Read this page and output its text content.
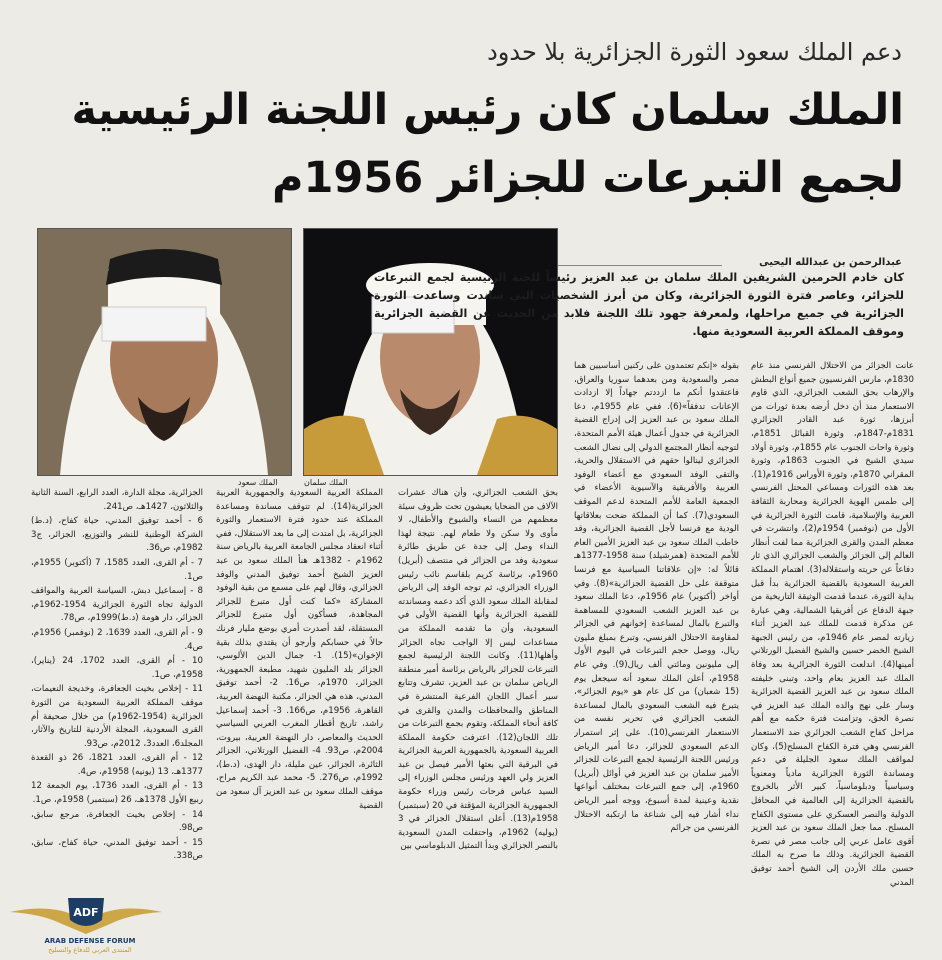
دعم الملك سعود الثورة الجزائرية بلا حدود
الملك سلمان كان رئيس اللجنة الرئيسية
لجمع التبرعات للجزائر 1956م
عبدالرحمن بن عبدالله اليحيى
الملك سلمان
الملك سعود
كان خادم الحرمين الشريفين الملك سلمان بن عبد العزيز رئيساً للجنة الرئيسية لجمع التبرعات للجزائر، وعاصر فترة الثورة الجزائرية، وكان من أبرز الشخصيات التي ساندت وساعدت الثورة الجزائرية في جميع مراحلها، ولمعرفة جهود تلك اللجنة فلابد من الحديث عن القضية الجزائرية وموقف المملكة العربية السعودية منها.

عانت الجزائر من الاحتلال الفرنسي منذ عام 1830م، مارس الفرنسيون جميع أنواع البطش والإرهاب بحق الشعب الجزائري، الذي قاوم الاستعمار منذ أن دخل أرضه بعدة ثورات من أبرزها، ثورة عبد القادر الجزائري 1831م-1847م، وثورة القبائل 1851م، وثورة واحات الجنوب عام 1855م، وثورة أولاد سيدي الشيخ في الجنوب 1863م، وثورة المقراني 1870م، وثورة الأوراس 1916م(1). بعد هذه الثورات ومساعي المحتل الفرنسي إلى طمس الهوية الجزائرية ومحاربة الثقافة العربية والإسلامية، قامت الثورة الجزائرية في الأول من (نوفمبر) 1954م(2)، وانتشرت في معظم المدن والقرى الجزائرية مما لفت أنظار العالم إلى الجزائر والشعب الجزائري الذي ثار دفاعاً عن حريته واستقلاله(3). اهتمام المملكة العربية السعودية بالقضية الجزائرية بدأ قبل بداية الثورة، عندما قدمت الوثيقة التاريخية من جبهة الدفاع عن أفريقيا الشمالية، وهي عبارة عن مذكرة قدمت للملك عبد العزيز أثناء زيارته لمصر عام 1946م، من رئيس الجبهة الشيخ الخضر حسين والشيخ الفضيل الورتلاني أمينها(4). اندلعت الثورة الجزائرية بعد وفاة الملك عبد العزيز بعام واحد، وتبنى خليفته الملك سعود بن عبد العزيز القضية الجزائرية وسار على نهج والده الملك عبد العزيز في نصرة الحق، وتزامنت فترة حكمه مع أهم مراحل كفاح الشعب الجزائري ضد الاستعمار الفرنسي وهي فترة الكفاح المسلح(5)، وكان لمواقف الملك سعود الجليلة في دعم ومساندة الثورة الجزائرية مادياً ومعنوياً وسياسياً ودبلوماسياً، كبير الأثر بالخروج بالقضية الجزائرية إلى العالمية في المحافل الدولية والنصر العسكري على مستوى الكفاح المسلح. مما جعل الملك سعود بن عبد العزيز أقوى عامل عربي إلى جانب مصر في نصرة القضية الجزائرية. وذلك ما صرح به الملك حسين ملك الأردن إلى الشيخ أحمد توفيق المدني

بقوله «إنكم تعتمدون على ركنين أساسيين هما مصر والسعودية ومن بعدهما سوريا والعراق، فاعتقدوا أنكم ما ازددتم جهاداً إلا ازدادت الإعانات تدفقاً»(6). ففي عام 1955م، دعا الملك سعود بن عبد العزيز إلى إدراج القضية الجزائرية في جدول أعمال هيئة الأمم المتحدة، لتوجيه أنظار المجتمع الدولي إلى نضال الشعب الجزائري لينالوا حقهم في الاستقلال والحرية، والتقى الوفد السعودي مع أعضاء الوفود العربية والأفريقية والآسيوية الأعضاء في الجمعية العامة للأمم المتحدة لدعم الموقف السعودي(7). كما أن المملكة ضحت بعلاقاتها الودية مع فرنسا لأجل القضية الجزائرية، وقد خاطب الملك سعود بن عبد العزيز الأمين العام للأمم المتحدة (همرشيلد) سنة 1958-1377هـ قائلاً له: «إن علاقاتنا السياسية مع فرنسا متوقفة على حل القضية الجزائرية»(8). وفي أواخر (أكتوبر) عام 1956م، دعا الملك سعود بن عبد العزيز الشعب السعودي للمساهمة والتبرع بالمال لمساعدة إخوانهم في الجزائر لمقاومة الاحتلال الفرنسي، وتبرع بمبلغ مليون ريال، ووصل حجم التبرعات في اليوم الأول إلى مليونين ومائتي ألف ريال(9). وفي عام 1958م، أعلن الملك سعود أنه سيجعل يوم (15 شعبان) من كل عام هو «يوم الجزائر»، يتبرع فيه الشعب السعودي بالمال لمساعدة الشعب الجزائري في تحرير نفسه من الاستعمار الفرنسي(10). على إثر استمرار الدعم السعودي للجزائر، دعا أمير الرياض ورئيس اللجنة الرئيسية لجمع التبرعات للجزائر الأمير سلمان بن عبد العزيز في أوائل (أبريل) 1960م، إلى جمع التبرعات بمختلف أنواعها نقدية وعينية لمدة أسبوع، ووجه أمير الرياض نداء أشار فيه إلى شناعة ما ارتكبه الاحتلال الفرنسي من جرائم

بحق الشعب الجزائري، وأن هناك عشرات الآلاف من الضحايا يعيشون تحت ظروف سيئة معظمهم من النساء والشيوخ والأطفال، لا مأوى ولا سكن ولا طعام لهم. نتيجة لهذا النداء وصل إلى جدة عن طريق طائرة سعودية وفد من الجزائر في منتصف (أبريل) 1960م، برئاسة كريم بلقاسم نائب رئيس الوزراء الجزائري، ثم توجه الوفد إلى الرياض لمقابلة الملك سعود الذي أكد دعمه ومساندته للقضية الجزائرية وأنها القضية الأولى في السعودية، وأن ما تقدمه المملكة من مساعدات ليس إلا الواجب تجاه الجزائر وأهلها(11). وكانت اللجنة الرئيسية لجمع التبرعات للجزائر بالرياض برئاسة أمير منطقة الرياض سلمان بن عبد العزيز، تشرف وتتابع سير أعمال اللجان الفرعية المنتشرة في المناطق والمحافظات والمدن والقرى في كافة أنحاء المملكة، وتقوم بجمع التبرعات من تلك اللجان(12). اعترفت حكومة المملكة العربية السعودية بالجمهورية العربية الجزائرية في البرقية التي بعثها الأمير فيصل بن عبد العزيز ولي العهد ورئيس مجلس الوزراء إلى السيد عباس فرحات رئيس وزراء حكومة الجمهورية الجزائرية المؤقتة في 20 (سبتمبر) 1958م(13). أعلن استقلال الجزائر في 3 (يوليه) 1962م، واحتفلت المدن السعودية بالنصر الجزائري وبدأ التمثيل الدبلوماسي بين

المملكة العربية السعودية والجمهورية العربية الجزائرية(14). لم تتوقف مساندة ومساعدة المملكة عند حدود فترة الاستعمار والثورة الجزائرية، بل امتدت إلى ما بعد الاستقلال، ففي أثناء انعقاد مجلس الجامعة العربية بالرياض سنة 1962م - 1382هـ هنأ الملك سعود بن عبد العزيز الشيخ أحمد توفيق المدني والوفد الجزائري، وقال لهم على مسمع من بقية الوفود المشاركة «كما كنت أول متبرع للجزائر المجاهدة، فسأكون أول متبرع للجزائر المستقلة، لقد أصدرت أمري بوضع مليار فرنك حالاً في حسابكم وأرجو أن يقتدي بذلك بقية الإخوان»(15). 1- جمال الدين الألوسي، الجزائر بلد المليون شهيد، مطبعة الجمهورية، الجزائر، 1970م، ص16. 2- أحمد توفيق المدني، هذه هي الجزائر، مكتبة النهضة العربية، القاهرة، 1956م، ص166. 3- أحمد إسماعيل راشد، تاريخ أقطار المغرب العربي السياسي الحديث والمعاصر، دار النهضة العربية، بيروت، 2004م، ص93. 4- الفضيل الورتلاني، الجزائر الثائرة، الجزائر، عين مليلة، دار الهدى، (د.ط)، 1992م، ص276. 5- محمد عبد الكريم مراح، موقف الملك سعود بن عبد العزيز آل سعود من القضية

الجزائرية، مجلة الدارة، العدد الرابع، السنة الثانية والثلاثون، 1427هـ، ص241.

6 - أحمد توفيق المدني، حياة كفاح، (د.ط) الشركة الوطنية للنشر والتوزيع، الجزائر، ج3 1982م، ص36.

7 - أم القرى، العدد 1585، 7 (أكتوبر) 1955م، ص1.

8 - إسماعيل دبش، السياسة العربية والمواقف الدولية تجاه الثورة الجزائرية 1954-1962م، الجزائر، دار هومة (د.ط)1999م، ص78.

9 - أم القرى، العدد 1639، 2 (نوفمبر) 1956م، ص4.

10 - أم القرى، العدد 1702، 24 (يناير)، 1958م، ص1.

11 - إخلاص بخيت الجعافرة، وخديجة النعيمات، موقف المملكة العربية السعودية من الثورة الجزائرية (1954-1962م) من خلال صحيفة أم القرى السعودية، المجلة الأردنية للتاريخ والآثار، المجلد6، العدد3، 2012م، ص93.

12 - أم القرى، العدد 1821، 26 ذو القعدة 1377هـ، 13 (يونيه) 1958م، ص4.

13 - أم القرى، العدد 1736، يوم الجمعة 12 ربيع الأول 1378هـ، 26 (سبتمبر) 1958م، ص1.

14 - إخلاص بخيت الجعافرة، مرجع سابق، ص98.

15 - أحمد توفيق المدني، حياة كفاح، سابق، ص338.

ADF
ARAB DEFENSE FORUM
المنتدى العربي للدفاع والتسليح
